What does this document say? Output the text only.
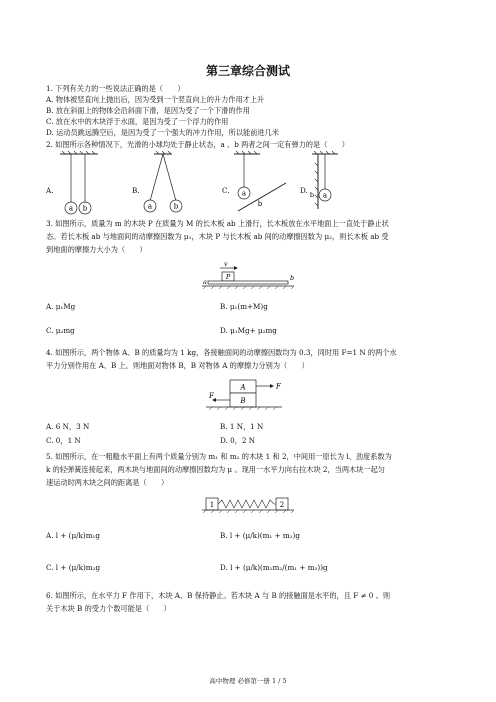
第三章综合测试
1. 下列有关力的一些说法正确的是（　　）
A. 物体被竖直向上抛出后，因为受到一个竖直向上的升力作用才上升
B. 放在斜面上的物体会沿斜面下滑，是因为受了一个下滑的作用
C. 放在水中的木块浮于水面，是因为受了一个浮力的作用
D. 运动员跳远腾空后，是因为受了一个强大的冲力作用，所以能前进几米
2. 如图所示各种情况下，光滑的小球均处于静止状态，a 、b 两者之间一定有弹力的是（　　）
A.
a b
B.
a	b
C. a
b
D.
a
b
3. 如图所示，质量为 m 的木块 P 在质量为 M 的长木板 ab 上滑行，长木板放在水平地面上一直处于静止状
态。若长木板 ab 与地面间的动摩擦因数为 μ₁，木块 P 与长木板 ab 间的动摩擦因数为 μ₂，则长木板 ab 受
到地面的摩擦力大小为（　　）
v
P
a	b
A. μ₁Mg	B. μ₁(m+M)g
C. μ₂mg	D. μ₁Mg+ μ₂mg
4. 如图所示，两个物体 A、B 的质量均为 1 kg，各接触面间的动摩擦因数均为 0.3，同时用 F=1 N 的两个水
平力分别作用在 A、B 上，则地面对物体 B，B 对物体 A 的摩擦力分别为（　　）
A
B
F
F
A. 6 N，3 N	B. 1 N，1 N
C. 0，1 N	D. 0，2 N
5. 如图所示，在一粗糙水平面上有两个质量分别为 m₁ 和 m₂ 的木块 1 和 2，中间用一原长为 l、劲度系数为
k 的轻弹簧连接起来，两木块与地面间的动摩擦因数均为 μ 。现用一水平力向右拉木块 2，当两木块一起匀
速运动时两木块之间的距离是（　　）
1	2
A. l + (μ/k)m₁g	B. l + (μ/k)(m₁ + m₂)g
C. l + (μ/k)m₂g	D. l + (μ/k)(m₁m₂/(m₁ + m₂))g
6. 如图所示，在水平力 F 作用下，木块 A、B 保持静止。若木块 A 与 B 的接触面是水平的，且 F ≠ 0 。则
关于木块 B 的受力个数可能是（　　）
高中物理 必修第一册 1 / 5
